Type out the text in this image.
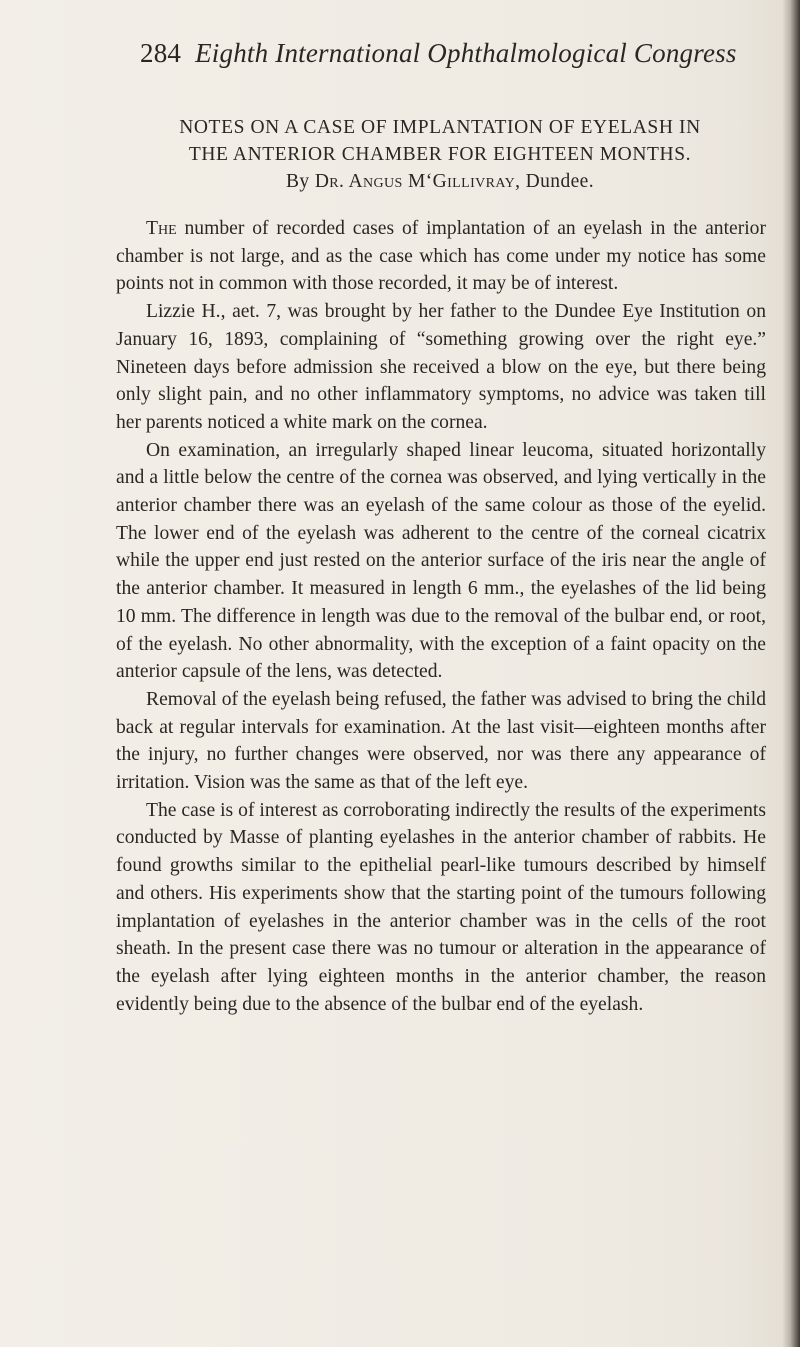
284 Eighth International Ophthalmological Congress
NOTES ON A CASE OF IMPLANTATION OF EYELASH IN
THE ANTERIOR CHAMBER FOR EIGHTEEN MONTHS.
By Dr. Angus M‘Gillivray, Dundee.

The number of recorded cases of implantation of an eyelash in the anterior chamber is not large, and as the case which has come under my notice has some points not in common with those recorded, it may be of interest.

Lizzie H., aet. 7, was brought by her father to the Dundee Eye Institution on January 16, 1893, complaining of “something growing over the right eye.” Nineteen days before admission she received a blow on the eye, but there being only slight pain, and no other inflammatory symptoms, no advice was taken till her parents noticed a white mark on the cornea.

On examination, an irregularly shaped linear leucoma, situated horizontally and a little below the centre of the cornea was observed, and lying vertically in the anterior chamber there was an eyelash of the same colour as those of the eyelid. The lower end of the eyelash was adherent to the centre of the corneal cicatrix while the upper end just rested on the anterior surface of the iris near the angle of the anterior chamber. It measured in length 6 mm., the eyelashes of the lid being 10 mm. The difference in length was due to the removal of the bulbar end, or root, of the eyelash. No other abnormality, with the exception of a faint opacity on the anterior capsule of the lens, was detected.

Removal of the eyelash being refused, the father was advised to bring the child back at regular intervals for examination. At the last visit—eighteen months after the injury, no further changes were observed, nor was there any appearance of irritation. Vision was the same as that of the left eye.

The case is of interest as corroborating indirectly the results of the experiments conducted by Masse of planting eyelashes in the anterior chamber of rabbits. He found growths similar to the epithelial pearl-like tumours described by himself and others. His experiments show that the starting point of the tumours following implantation of eyelashes in the anterior chamber was in the cells of the root sheath. In the present case there was no tumour or alteration in the appearance of the eyelash after lying eighteen months in the anterior chamber, the reason evidently being due to the absence of the bulbar end of the eyelash.
